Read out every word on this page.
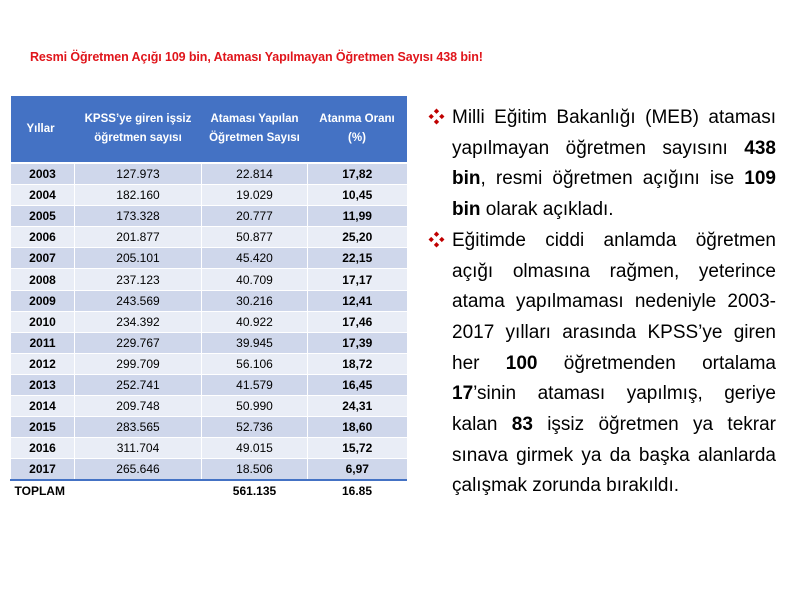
Resmi Öğretmen Açığı 109 bin, Ataması Yapılmayan Öğretmen Sayısı 438 bin!
Yıllar	KPSS’ye giren işsiz öğretmen sayısı	Ataması Yapılan Öğretmen Sayısı	Atanma Oranı (%)
2003	127.973	22.814	17,82
2004	182.160	19.029	10,45
2005	173.328	20.777	11,99
2006	201.877	50.877	25,20
2007	205.101	45.420	22,15
2008	237.123	40.709	17,17
2009	243.569	30.216	12,41
2010	234.392	40.922	17,46
2011	229.767	39.945	17,39
2012	299.709	56.106	18,72
2013	252.741	41.579	16,45
2014	209.748	50.990	24,31
2015	283.565	52.736	18,60
2016	311.704	49.015	15,72
2017	265.646	18.506	6,97
TOPLAM		561.135	16.85
Milli Eğitim Bakanlığı (MEB) ataması yapılmayan öğretmen sayısını 438 bin, resmi öğretmen açığını ise 109 bin olarak açıkladı.
Eğitimde ciddi anlamda öğretmen açığı olmasına rağmen, yeterince atama yapılmaması nedeniyle 2003-2017 yılları arasında KPSS’ye giren her 100 öğretmenden ortalama 17’sinin ataması yapılmış, geriye kalan 83 işsiz öğretmen ya tekrar sınava girmek ya da başka alanlarda çalışmak zorunda bırakıldı.
